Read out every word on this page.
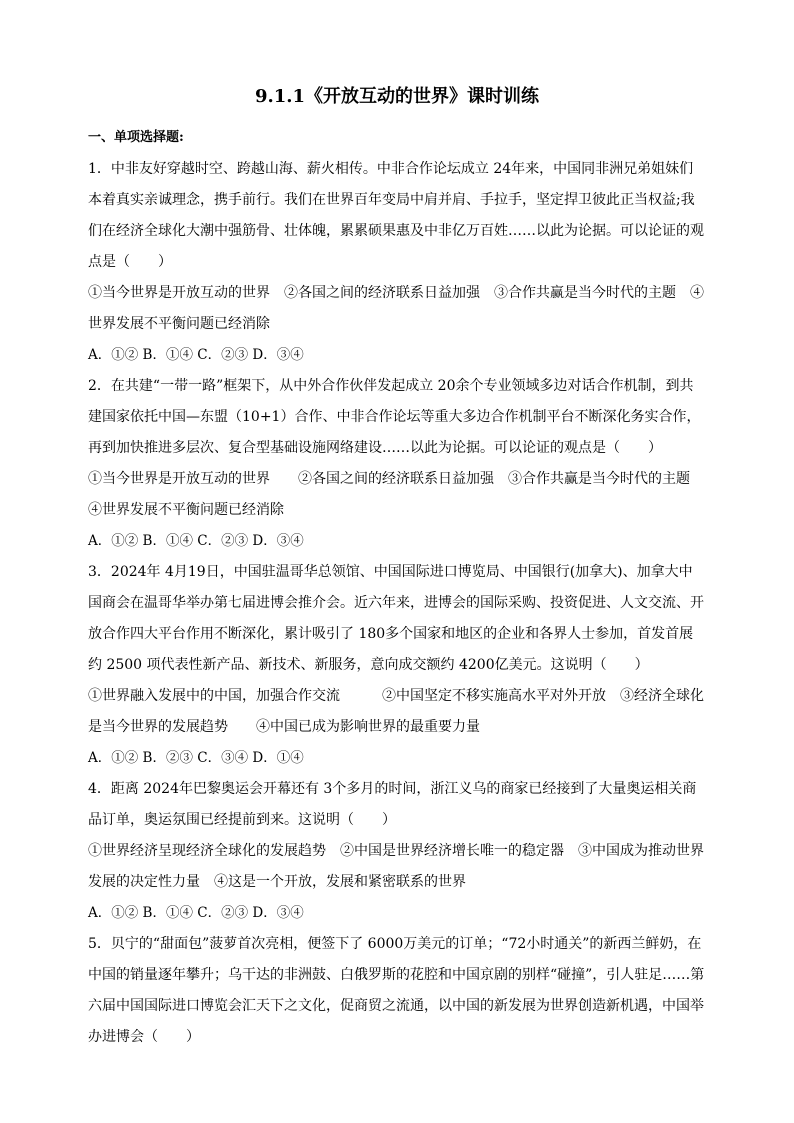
9.1.1《开放互动的世界》课时训练
一、单项选择题:

1．中非友好穿越时空、跨越山海、薪火相传。中非合作论坛成立 24年来，中国同非洲兄弟姐妹们本着真实亲诚理念，携手前行。我们在世界百年变局中肩并肩、手拉手，坚定捍卫彼此正当权益;我们在经济全球化大潮中强筋骨、壮体魄，累累硕果惠及中非亿万百姓……以此为论据。可以论证的观点是（　　）

①当今世界是开放互动的世界　②各国之间的经济联系日益加强　③合作共赢是当今时代的主题　④世界发展不平衡问题已经消除

A．①② B．①④ C．②③ D．③④

2．在共建“一带一路”框架下，从中外合作伙伴发起成立 20余个专业领域多边对话合作机制，到共建国家依托中国—东盟（10+1）合作、中非合作论坛等重大多边合作机制平台不断深化务实合作，再到加快推进多层次、复合型基础设施网络建设……以此为论据。可以论证的观点是（　　）

①当今世界是开放互动的世界　　②各国之间的经济联系日益加强　③合作共赢是当今时代的主题　④世界发展不平衡问题已经消除

A．①② B．①④ C．②③ D．③④

3．2024年 4月19日，中国驻温哥华总领馆、中国国际进口博览局、中国银行(加拿大)、加拿大中国商会在温哥华举办第七届进博会推介会。近六年来，进博会的国际采购、投资促进、人文交流、开放合作四大平台作用不断深化，累计吸引了 180多个国家和地区的企业和各界人士参加，首发首展约 2500 项代表性新产品、新技术、新服务，意向成交额约 4200亿美元。这说明（　　）

①世界融入发展中的中国，加强合作交流　　　②中国坚定不移实施高水平对外开放　③经济全球化是当今世界的发展趋势　　④中国已成为影响世界的最重要力量

A．①② B．②③ C．③④ D．①④

4．距离 2024年巴黎奥运会开幕还有 3个多月的时间，浙江义乌的商家已经接到了大量奥运相关商品订单，奥运氛围已经提前到来。这说明（　　）

①世界经济呈现经济全球化的发展趋势　②中国是世界经济增长唯一的稳定器　③中国成为推动世界发展的决定性力量　④这是一个开放，发展和紧密联系的世界

A．①② B．①④ C．②③ D．③④

5．贝宁的“甜面包”菠萝首次亮相，便签下了 6000万美元的订单；“72小时通关”的新西兰鲜奶，在中国的销量逐年攀升；乌干达的非洲鼓、白俄罗斯的花腔和中国京剧的别样“碰撞”，引人驻足……第六届中国国际进口博览会汇天下之文化，促商贸之流通，以中国的新发展为世界创造新机遇，中国举办进博会（　　）
